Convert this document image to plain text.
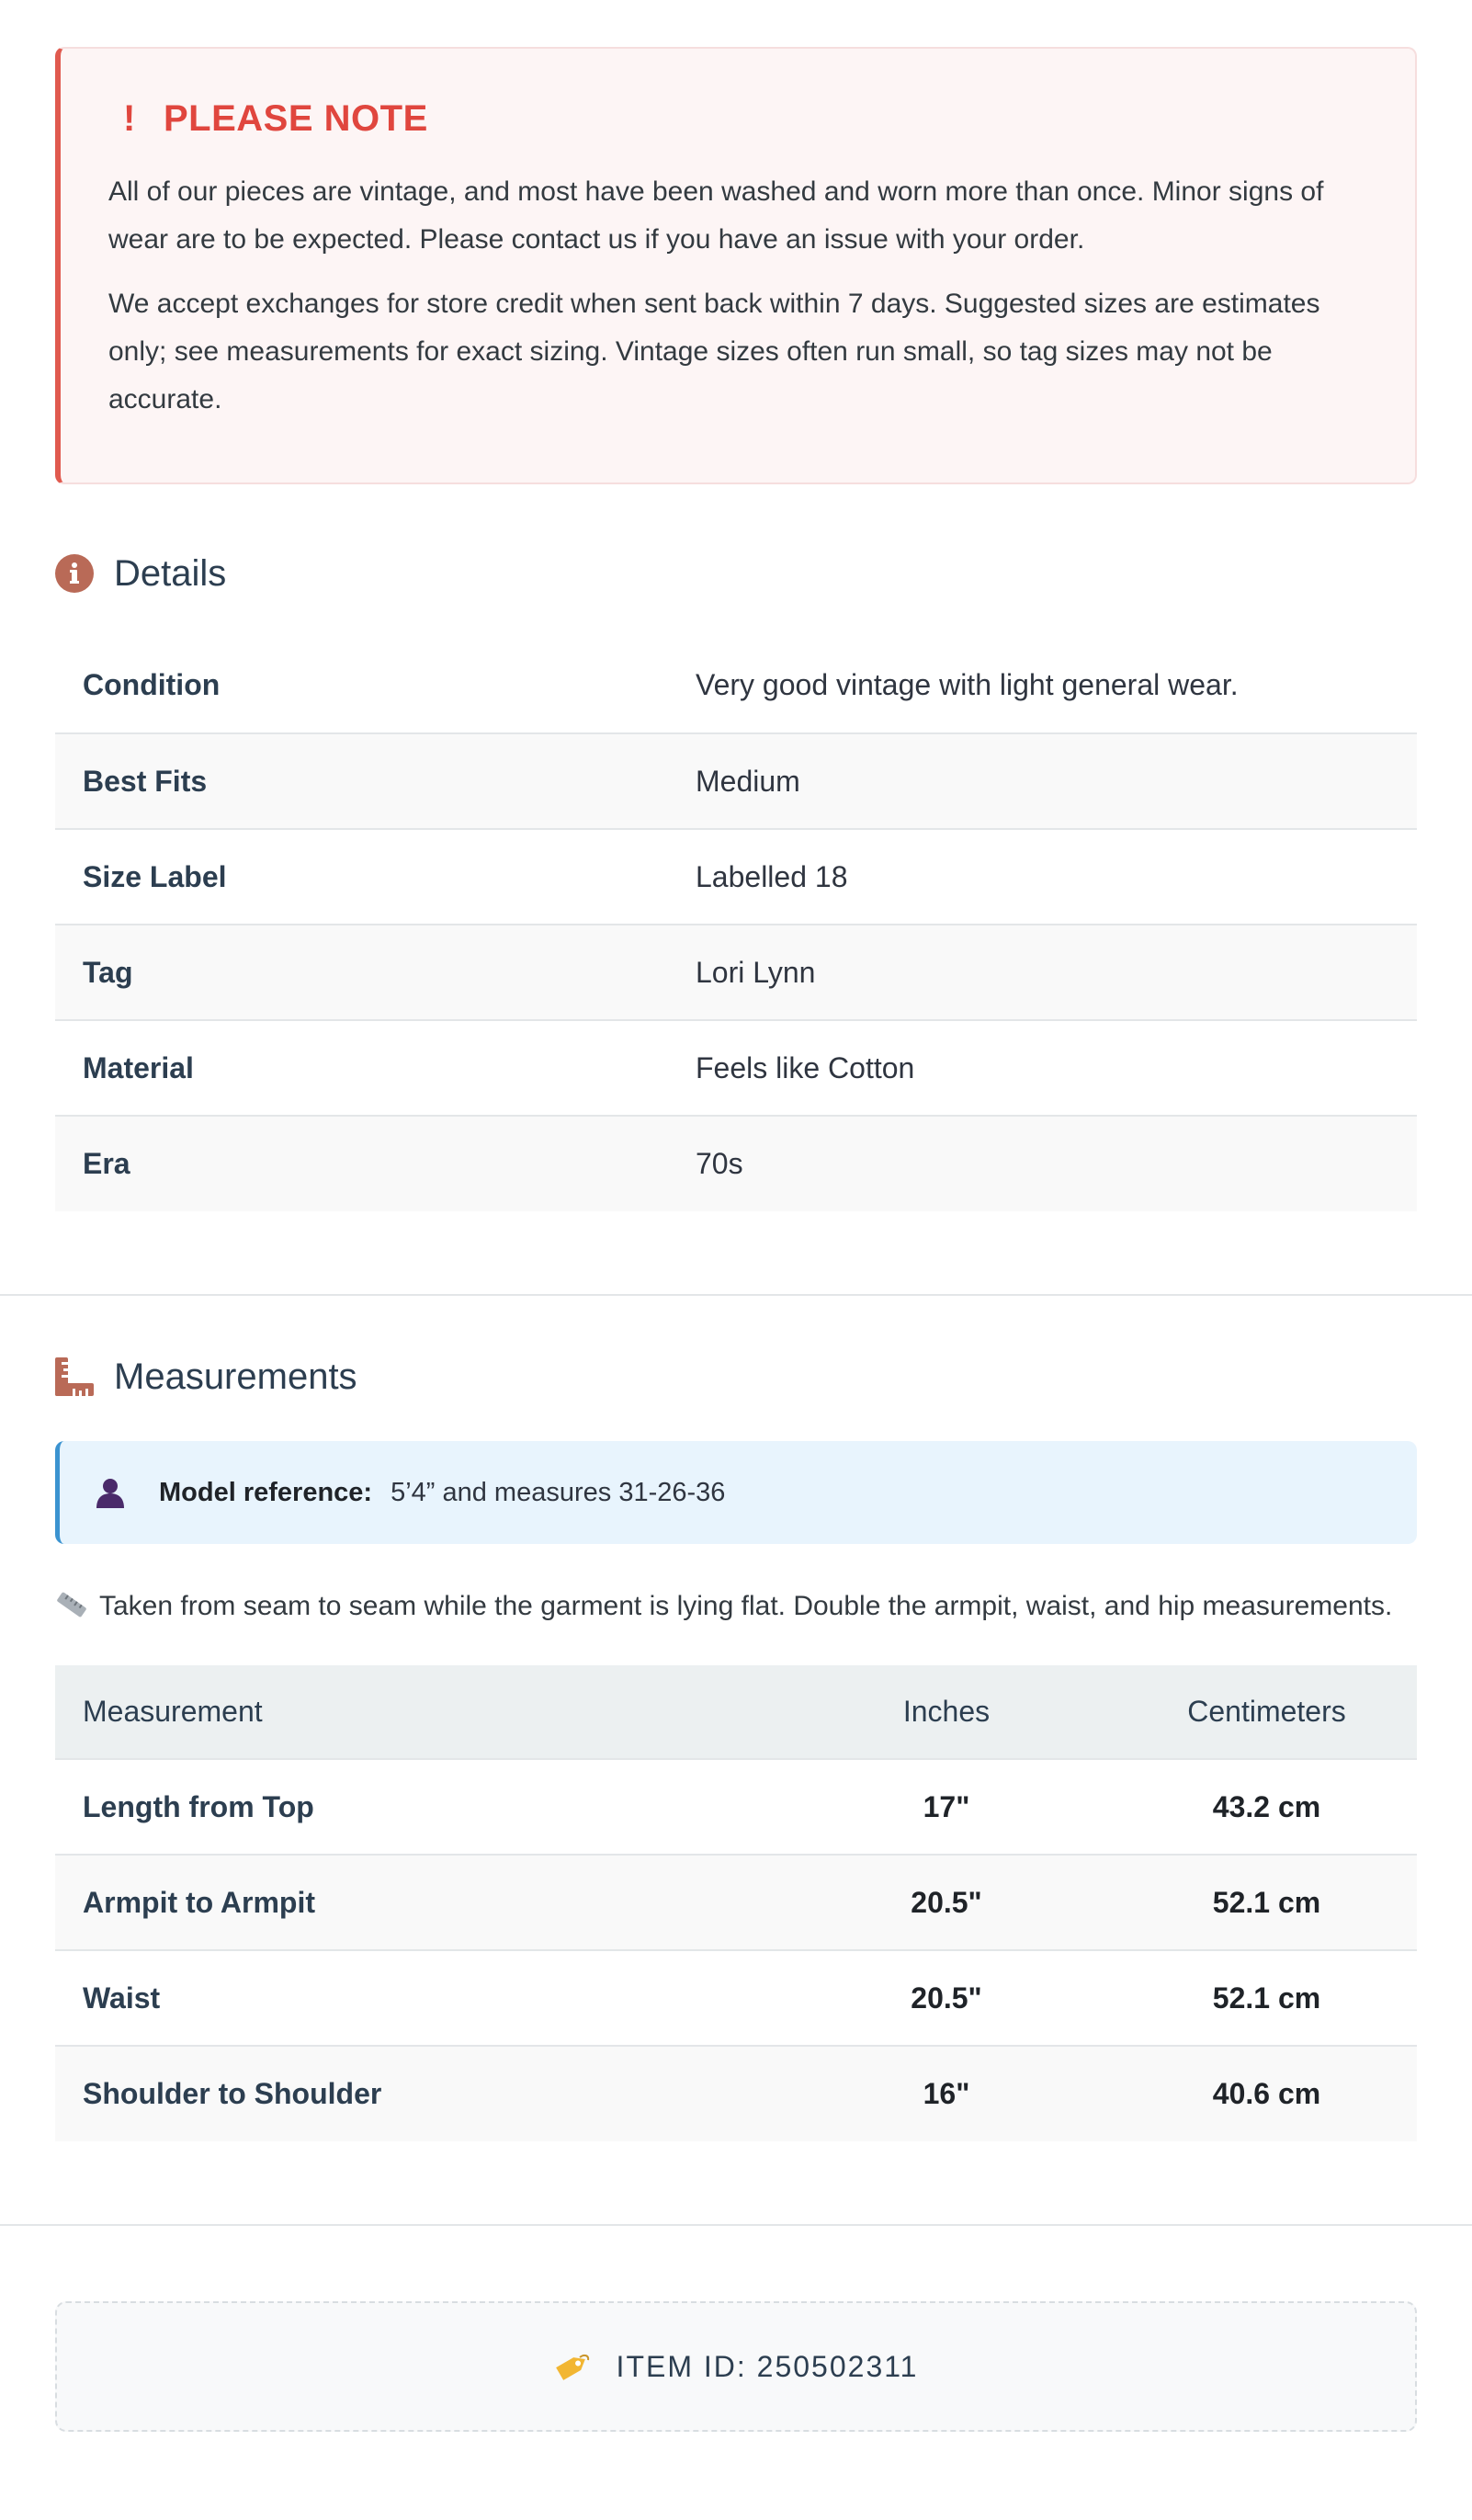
! PLEASE NOTE

All of our pieces are vintage, and most have been washed and worn more than once. Minor signs of wear are to be expected. Please contact us if you have an issue with your order.

We accept exchanges for store credit when sent back within 7 days. Suggested sizes are estimates only; see measurements for exact sizing. Vintage sizes often run small, so tag sizes may not be accurate.

Details
Condition	Very good vintage with light general wear.
Best Fits	Medium
Size Label	Labelled 18
Tag	Lori Lynn
Material	Feels like Cotton
Era	70s
Measurements
Model reference: 5’4” and measures 31-26-36
Taken from seam to seam while the garment is lying flat. Double the armpit, waist, and hip measurements.
Measurement	Inches	Centimeters
Length from Top	17"	43.2 cm
Armpit to Armpit	20.5"	52.1 cm
Waist	20.5"	52.1 cm
Shoulder to Shoulder	16"	40.6 cm
ITEM ID: 250502311
